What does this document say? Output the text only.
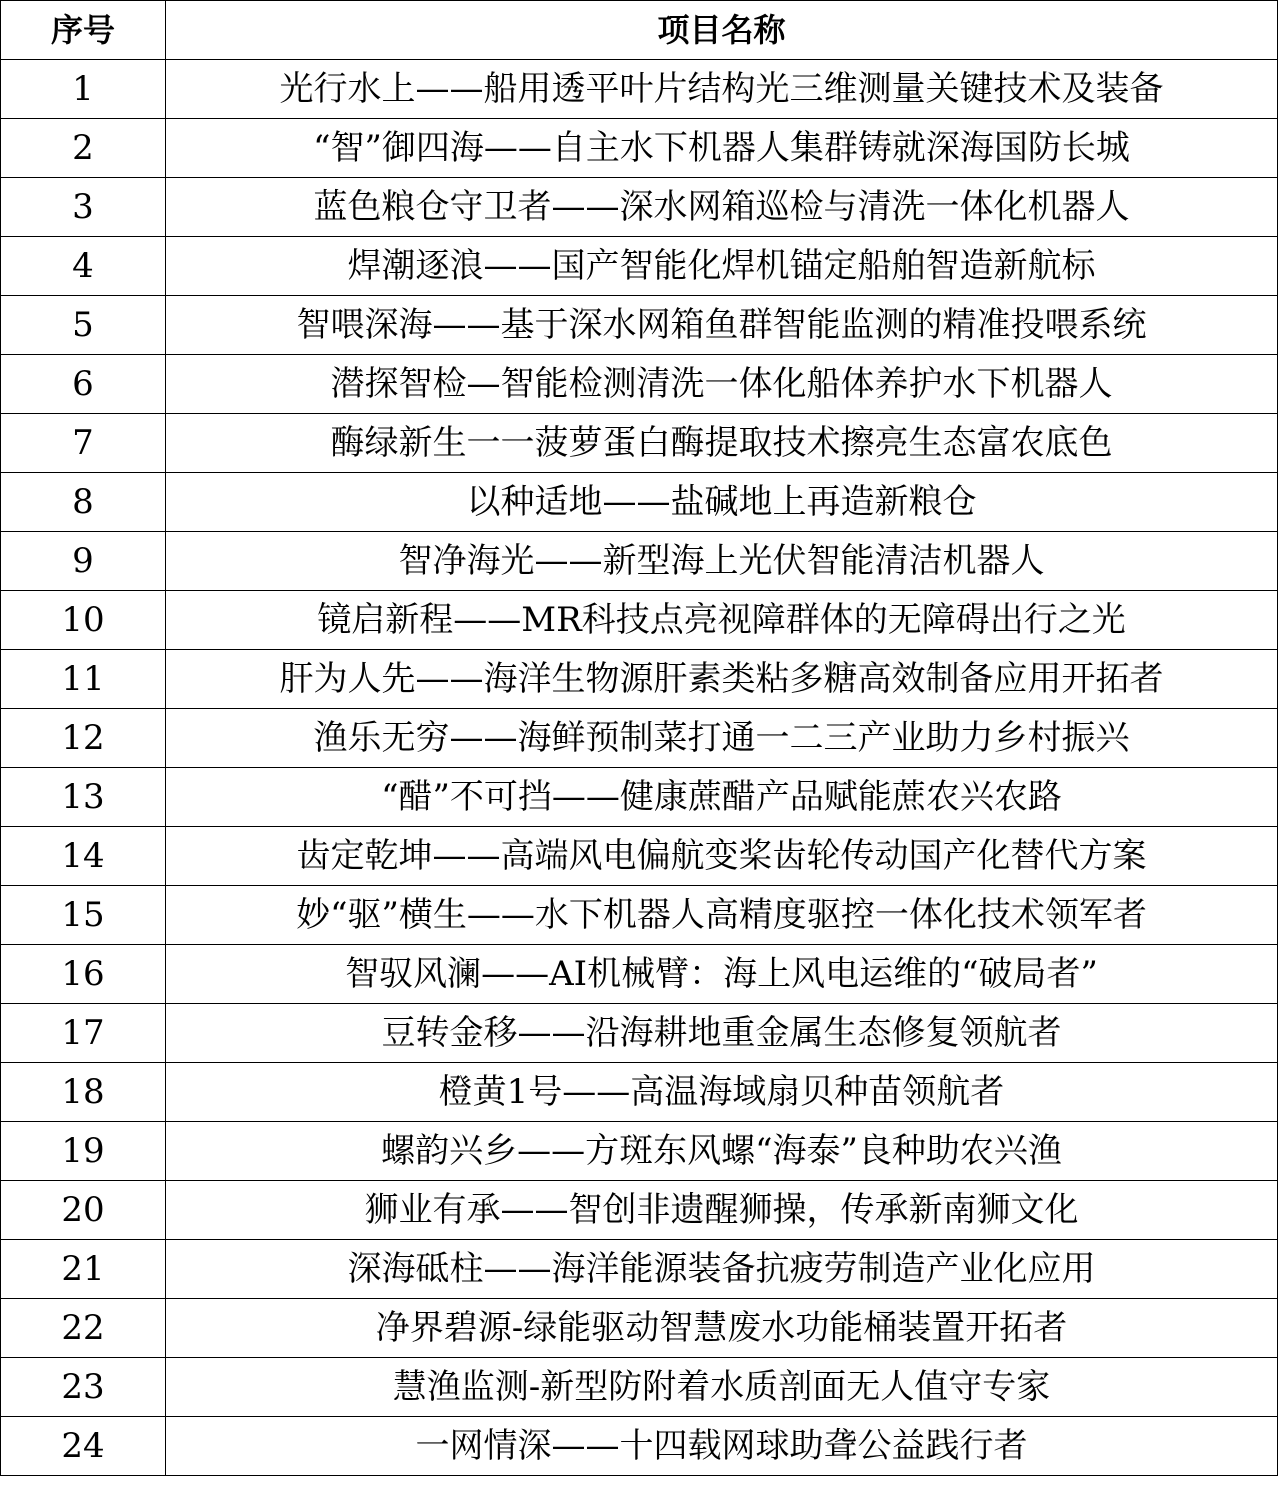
序号	项目名称
1	光行水上——船用透平叶片结构光三维测量关键技术及装备
2	“智”御四海——自主水下机器人集群铸就深海国防长城
3	蓝色粮仓守卫者——深水网箱巡检与清洗一体化机器人
4	焊潮逐浪——国产智能化焊机锚定船舶智造新航标
5	智喂深海——基于深水网箱鱼群智能监测的精准投喂系统
6	潜探智检—智能检测清洗一体化船体养护水下机器人
7	酶绿新生一一菠萝蛋白酶提取技术擦亮生态富农底色
8	以种适地——盐碱地上再造新粮仓
9	智净海光——新型海上光伏智能清洁机器人
10	镜启新程——MR科技点亮视障群体的无障碍出行之光
11	肝为人先——海洋生物源肝素类粘多糖高效制备应用开拓者
12	渔乐无穷——海鲜预制菜打通一二三产业助力乡村振兴
13	“醋”不可挡——健康蔗醋产品赋能蔗农兴农路
14	齿定乾坤——高端风电偏航变桨齿轮传动国产化替代方案
15	妙“驱”横生——水下机器人高精度驱控一体化技术领军者
16	智驭风澜——AI机械臂：海上风电运维的“破局者”
17	豆转金移——沿海耕地重金属生态修复领航者
18	橙黄1号——高温海域扇贝种苗领航者
19	螺韵兴乡——方斑东风螺“海泰”良种助农兴渔
20	狮业有承——智创非遗醒狮操，传承新南狮文化
21	深海砥柱——海洋能源装备抗疲劳制造产业化应用
22	净界碧源-绿能驱动智慧废水功能桶装置开拓者
23	慧渔监测-新型防附着水质剖面无人值守专家
24	一网情深——十四载网球助聋公益践行者
